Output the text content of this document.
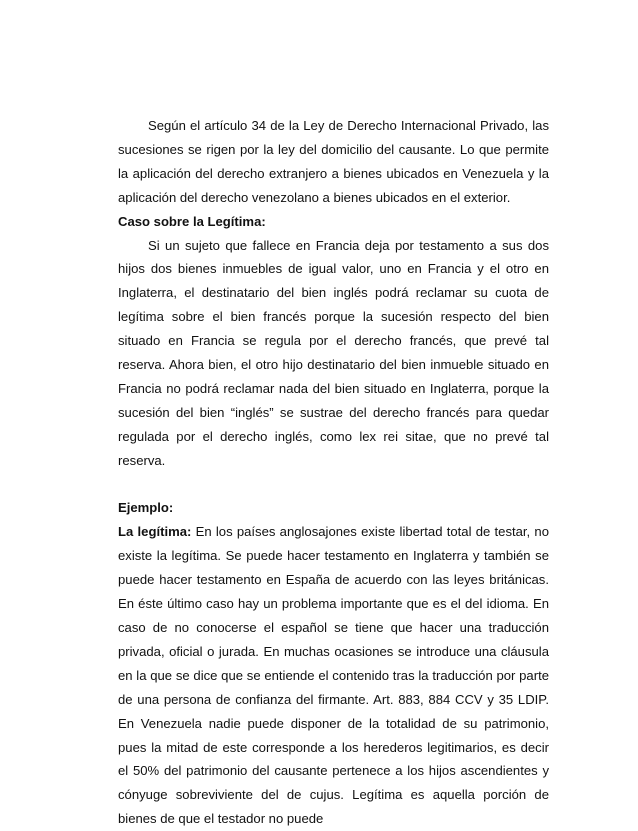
Según el artículo 34 de la Ley de Derecho Internacional Privado, las sucesiones se rigen por la ley del domicilio del causante. Lo que permite la aplicación del derecho extranjero a bienes ubicados en Venezuela y la aplicación del derecho venezolano a bienes ubicados en el exterior.

Caso sobre la Legítima:

Si un sujeto que fallece en Francia deja por testamento a sus dos hijos dos bienes inmuebles de igual valor, uno en Francia y el otro en Inglaterra, el destinatario del bien inglés podrá reclamar su cuota de legítima sobre el bien francés porque la sucesión respecto del bien situado en Francia se regula por el derecho francés, que prevé tal reserva. Ahora bien, el otro hijo destinatario del bien inmueble situado en Francia no podrá reclamar nada del bien situado en Inglaterra, porque la sucesión del bien “inglés” se sustrae del derecho francés para quedar regulada por el derecho inglés, como lex rei sitae, que no prevé tal reserva.

Ejemplo:

La legítima: En los países anglosajones existe libertad total de testar, no existe la legítima. Se puede hacer testamento en Inglaterra y también se puede hacer testamento en España de acuerdo con las leyes británicas. En éste último caso hay un problema importante que es el del idioma. En caso de no conocerse el español se tiene que hacer una traducción privada, oficial o jurada. En muchas ocasiones se introduce una cláusula en la que se dice que se entiende el contenido tras la traducción por parte de una persona de confianza del firmante. Art. 883, 884 CCV y 35 LDIP. En Venezuela nadie puede disponer de la totalidad de su patrimonio, pues la mitad de este corresponde a los herederos legitimarios, es decir el 50% del patrimonio del causante pertenece a los hijos ascendientes y cónyuge sobreviviente del de cujus. Legítima es aquella porción de bienes de que el testador no puede
